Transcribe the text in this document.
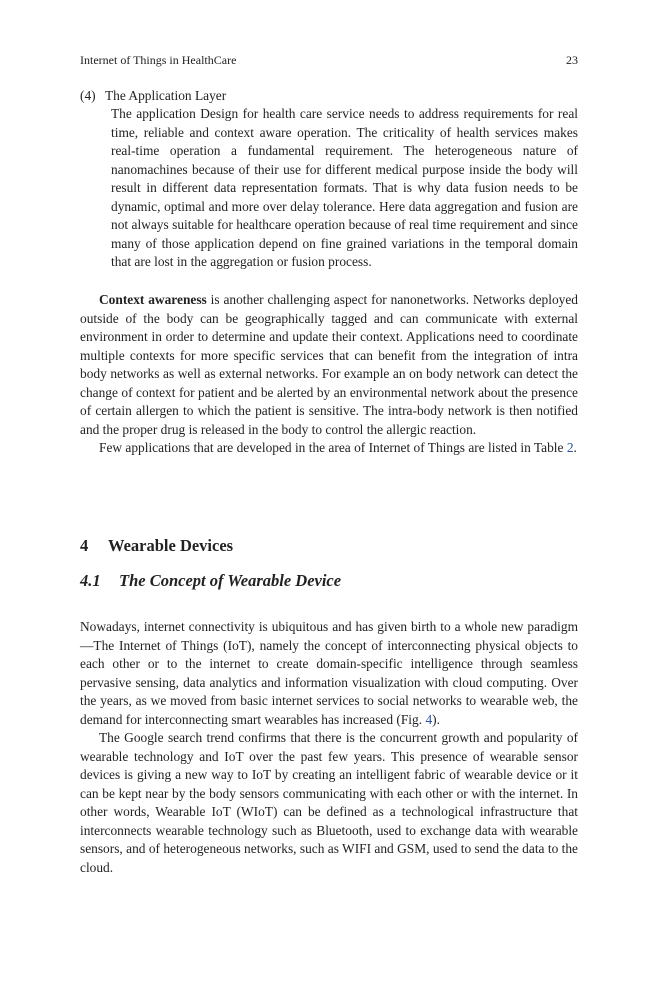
Internet of Things in HealthCare	23
(4) The Application Layer
The application Design for health care service needs to address requirements for real time, reliable and context aware operation. The criticality of health services makes real-time operation a fundamental requirement. The heterogeneous nature of nanomachines because of their use for different medical purpose inside the body will result in different data representation formats. That is why data fusion needs to be dynamic, optimal and more over delay tolerance. Here data aggregation and fusion are not always suitable for healthcare operation because of real time requirement and since many of those application depend on fine grained variations in the temporal domain that are lost in the aggregation or fusion process.

Context awareness is another challenging aspect for nanonetworks. Networks deployed outside of the body can be geographically tagged and can communicate with external environment in order to determine and update their context. Applications need to coordinate multiple contexts for more specific services that can benefit from the integration of intra body networks as well as external networks. For example an on body network can detect the change of context for patient and be alerted by an environmental network about the presence of certain allergen to which the patient is sensitive. The intra-body network is then notified and the proper drug is released in the body to control the allergic reaction.

Few applications that are developed in the area of Internet of Things are listed in Table 2.

4 Wearable Devices
4.1 The Concept of Wearable Device

Nowadays, internet connectivity is ubiquitous and has given birth to a whole new paradigm—The Internet of Things (IoT), namely the concept of interconnecting physical objects to each other or to the internet to create domain-specific intelligence through seamless pervasive sensing, data analytics and information visualization with cloud computing. Over the years, as we moved from basic internet services to social networks to wearable web, the demand for interconnecting smart wearables has increased (Fig. 4).

The Google search trend confirms that there is the concurrent growth and popularity of wearable technology and IoT over the past few years. This presence of wearable sensor devices is giving a new way to IoT by creating an intelligent fabric of wearable device or it can be kept near by the body sensors communicating with each other or with the internet. In other words, Wearable IoT (WIoT) can be defined as a technological infrastructure that interconnects wearable technology such as Bluetooth, used to exchange data with wearable sensors, and of heterogeneous networks, such as WIFI and GSM, used to send the data to the cloud.
